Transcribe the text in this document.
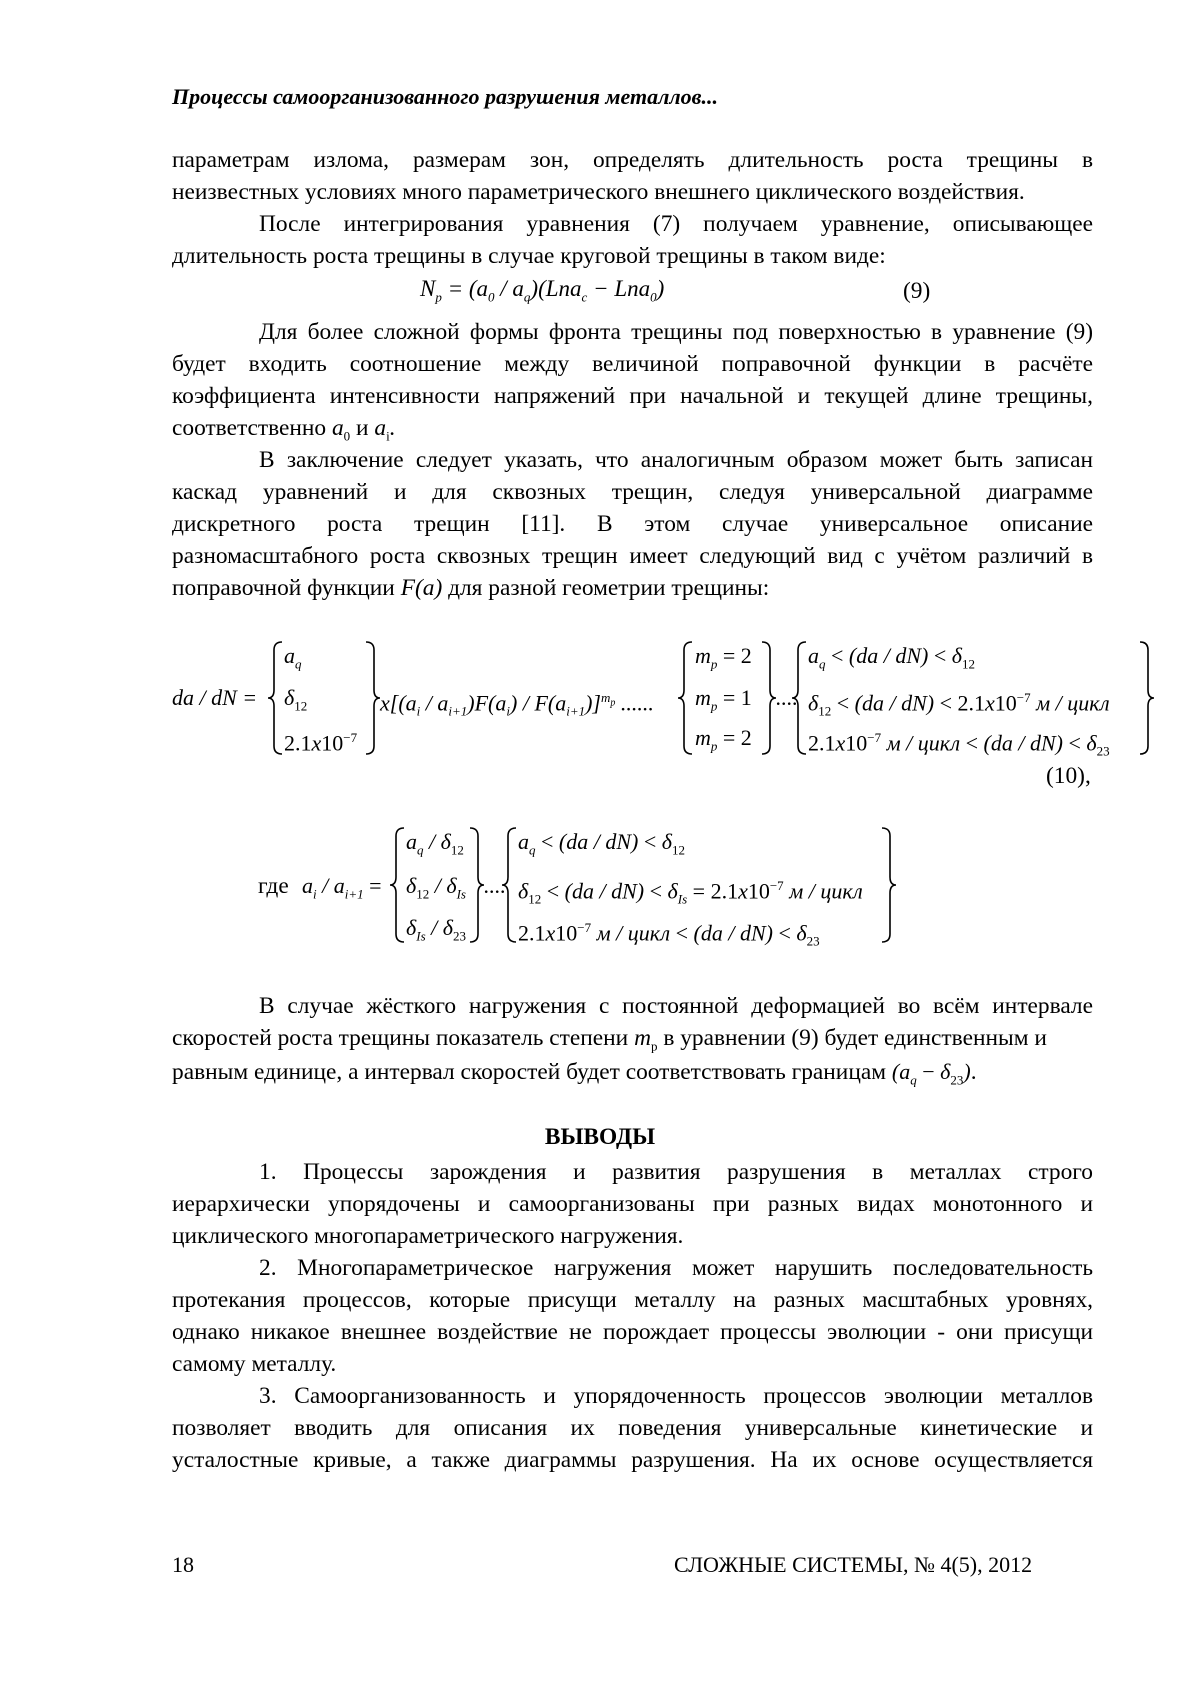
Процессы самоорганизованного разрушения металлов...
параметрам излома, размерам зон, определять длительность роста трещины в
неизвестных условиях много параметрического внешнего циклического воздействия.
После интегрирования уравнения (7) получаем уравнение, описывающее
длительность роста трещины в случае круговой трещины в таком виде:
$N_p = (a_0 / a_q)(Lna_c - Lna_0)$	(9)
Для более сложной формы фронта трещины под поверхностью в уравнение (9)
будет входить соотношение между величиной поправочной функции в расчёте
коэффициента интенсивности напряжений при начальной и текущей длине трещины,
соответственно $a_0$ и $a_i$.
В заключение следует указать, что аналогичным образом может быть записан
каскад уравнений и для сквозных трещин, следуя универсальной диаграмме
дискретного роста трещин [11]. В этом случае универсальное описание
разномасштабного роста сквозных трещин имеет следующий вид с учётом различий в
поправочной функции F(a) для разной геометрии трещины:
da / dN =
$a_q$
$\delta_{12}$
$2.1x10^{-7}$
$x[(a_i / a_{i+1})F(a_i) / F(a_{i+1})]^{m_p}$ ......
$m_p = 2$
$m_p = 1$
$m_p = 2$
....
$a_q < (da / dN) < \delta_{12}$
$\delta_{12} < (da / dN) < 2.1x10^{-7}$ м / цикл
$2.1x10^{-7}$ м / цикл < $(da / dN) < \delta_{23}$
(10),
где $a_i / a_{i+1}$ =
$a_q / \delta_{12}$
$\delta_{12} / \delta_{Is}$
$\delta_{Is} / \delta_{23}$
....
$a_q < (da / dN) < \delta_{12}$
$\delta_{12} < (da / dN) < \delta_{Is} = 2.1x10^{-7}$ м / цикл
$2.1x10^{-7}$ м / цикл < $(da / dN) < \delta_{23}$
В случае жёсткого нагружения с постоянной деформацией во всём интервале
скоростей роста трещины показатель степени $m_p$ в уравнении (9) будет единственным и
равным единице, а интервал скоростей будет соответствовать границам $(a_q - \delta_{23})$.
ВЫВОДЫ
1. Процессы зарождения и развития разрушения в металлах строго
иерархически упорядочены и самоорганизованы при разных видах монотонного и
циклического многопараметрического нагружения.
2. Многопараметрическое нагружения может нарушить последовательность
протекания процессов, которые присущи металлу на разных масштабных уровнях,
однако никакое внешнее воздействие не порождает процессы эволюции - они присущи
самому металлу.
3. Самоорганизованность и упорядоченность процессов эволюции металлов
позволяет вводить для описания их поведения универсальные кинетические и
усталостные кривые, а также диаграммы разрушения. На их основе осуществляется
18	СЛОЖНЫЕ СИСТЕМЫ, № 4(5), 2012
